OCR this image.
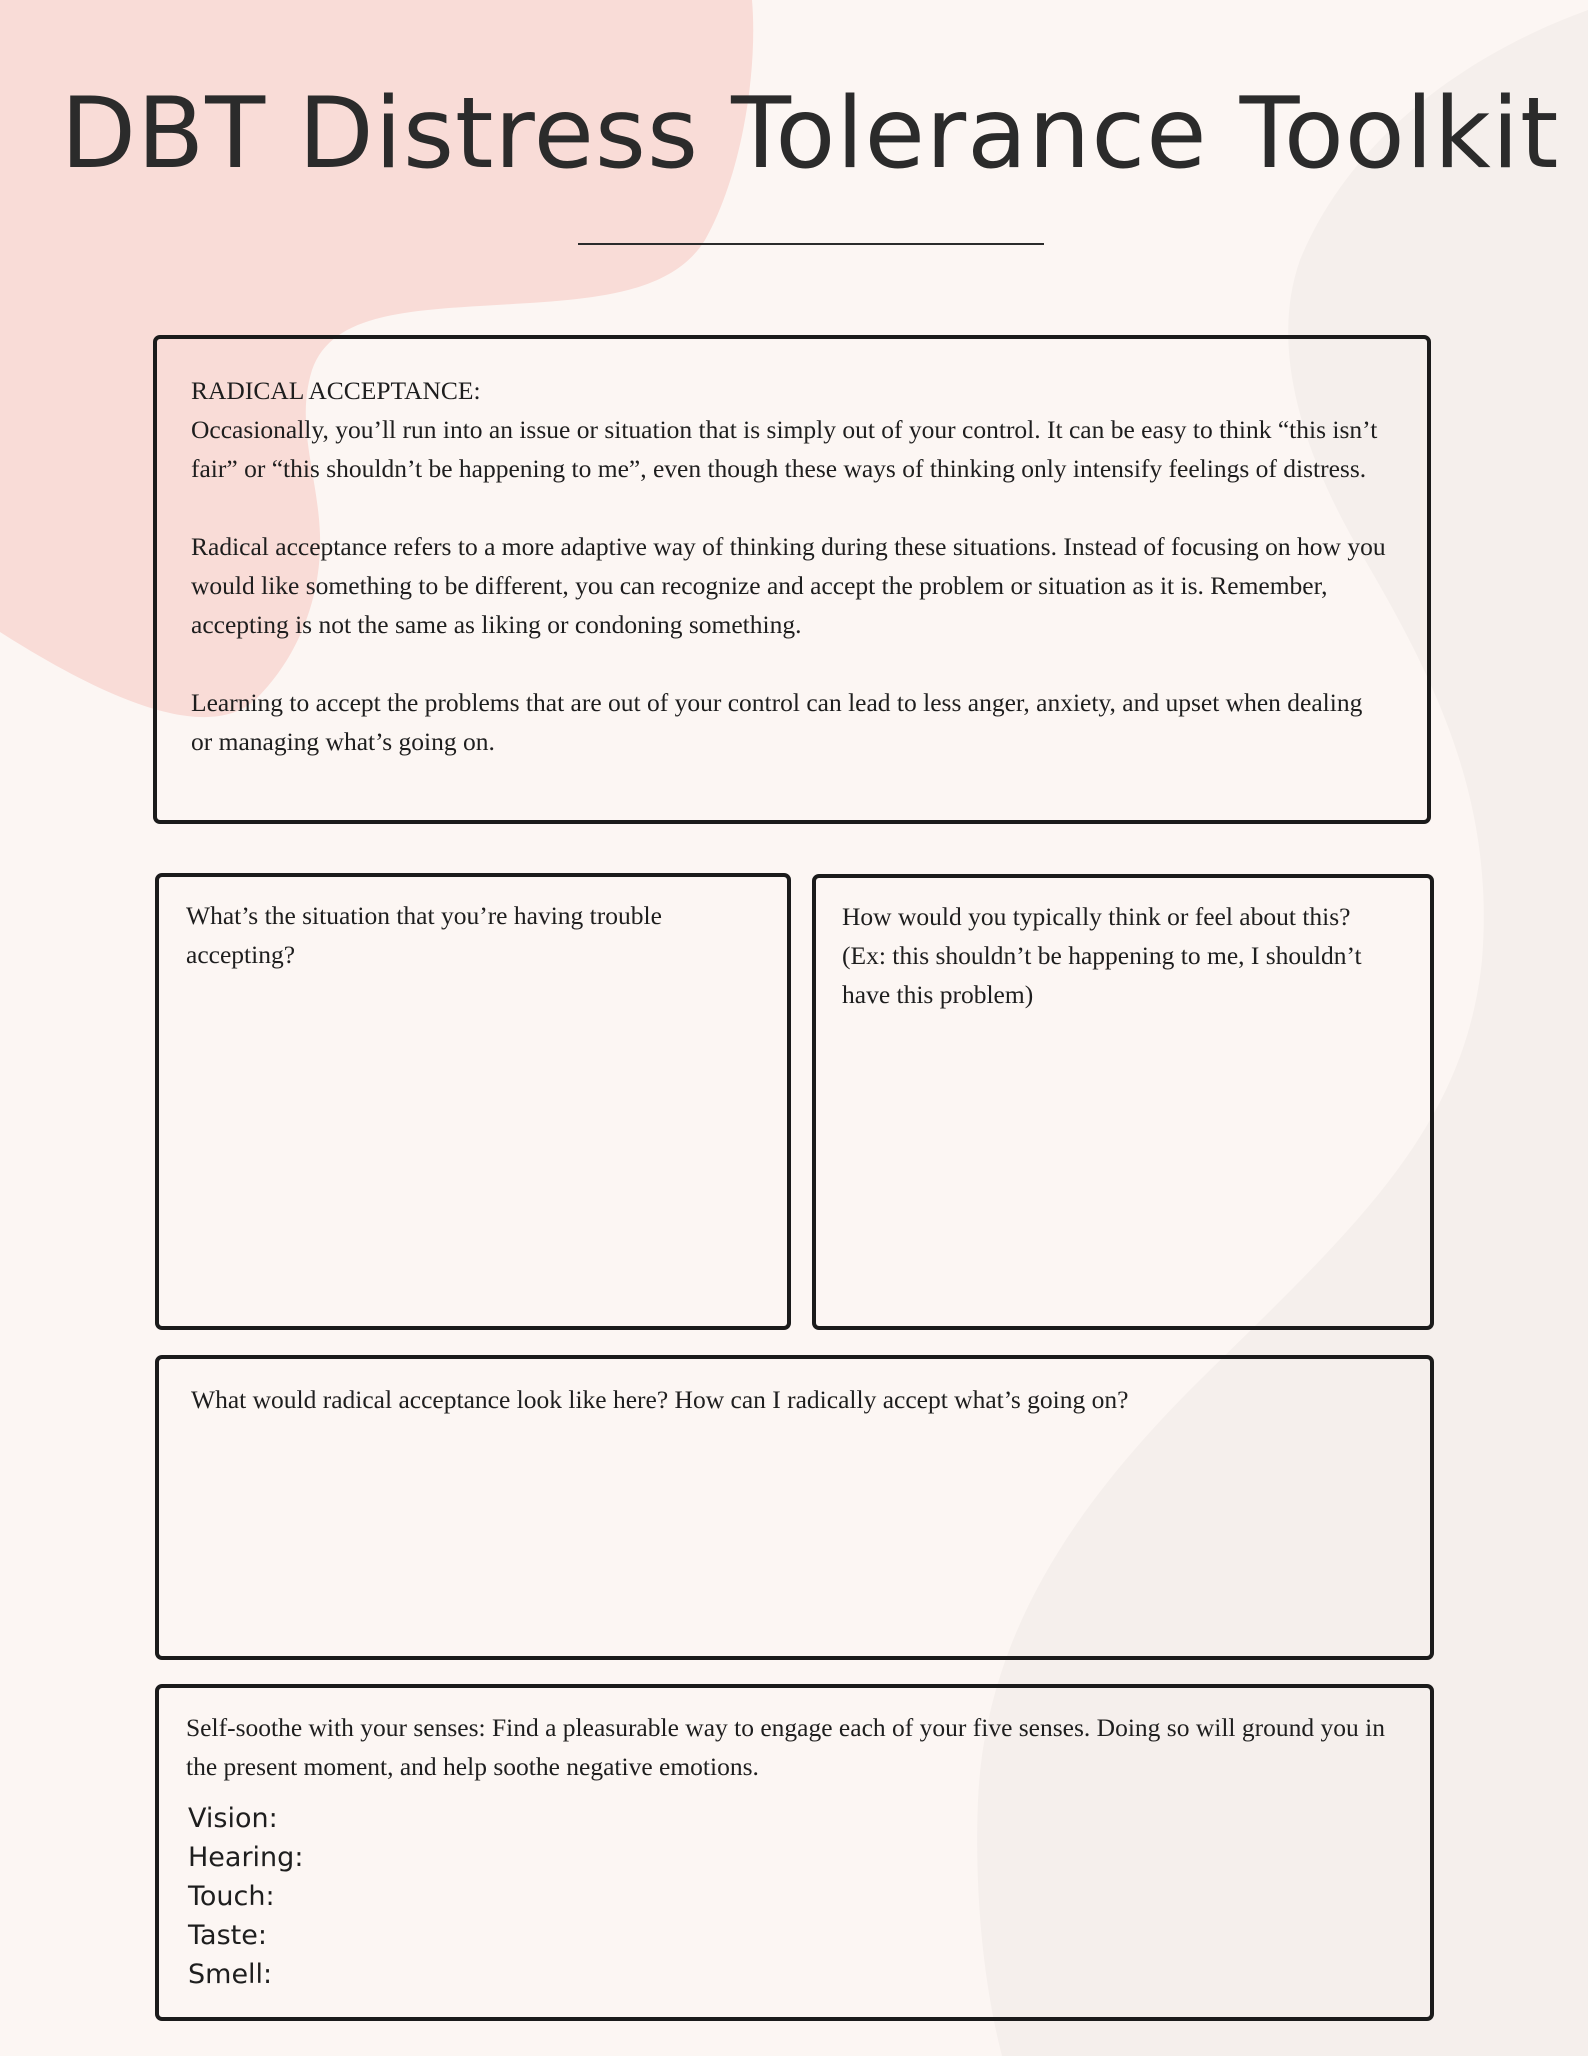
DBT Distress Tolerance Toolkit

RADICAL ACCEPTANCE:

Occasionally, you’ll run into an issue or situation that is simply out of your control. It can be easy to think “this isn’t fair” or “this shouldn’t be happening to me”, even though these ways of thinking only intensify feelings of distress.

Radical acceptance refers to a more adaptive way of thinking during these situations. Instead of focusing on how you would like something to be different, you can recognize and accept the problem or situation as it is. Remember, accepting is not the same as liking or condoning something.

Learning to accept the problems that are out of your control can lead to less anger, anxiety, and upset when dealing or managing what’s going on.

What’s the situation that you’re having trouble accepting?

How would you typically think or feel about this? (Ex: this shouldn’t be happening to me, I shouldn’t have this problem)

What would radical acceptance look like here? How can I radically accept what’s going on?

Self-soothe with your senses: Find a pleasurable way to engage each of your five senses. Doing so will ground you in the present moment, and help soothe negative emotions.

Vision:
Hearing:
Touch:
Taste:
Smell:
